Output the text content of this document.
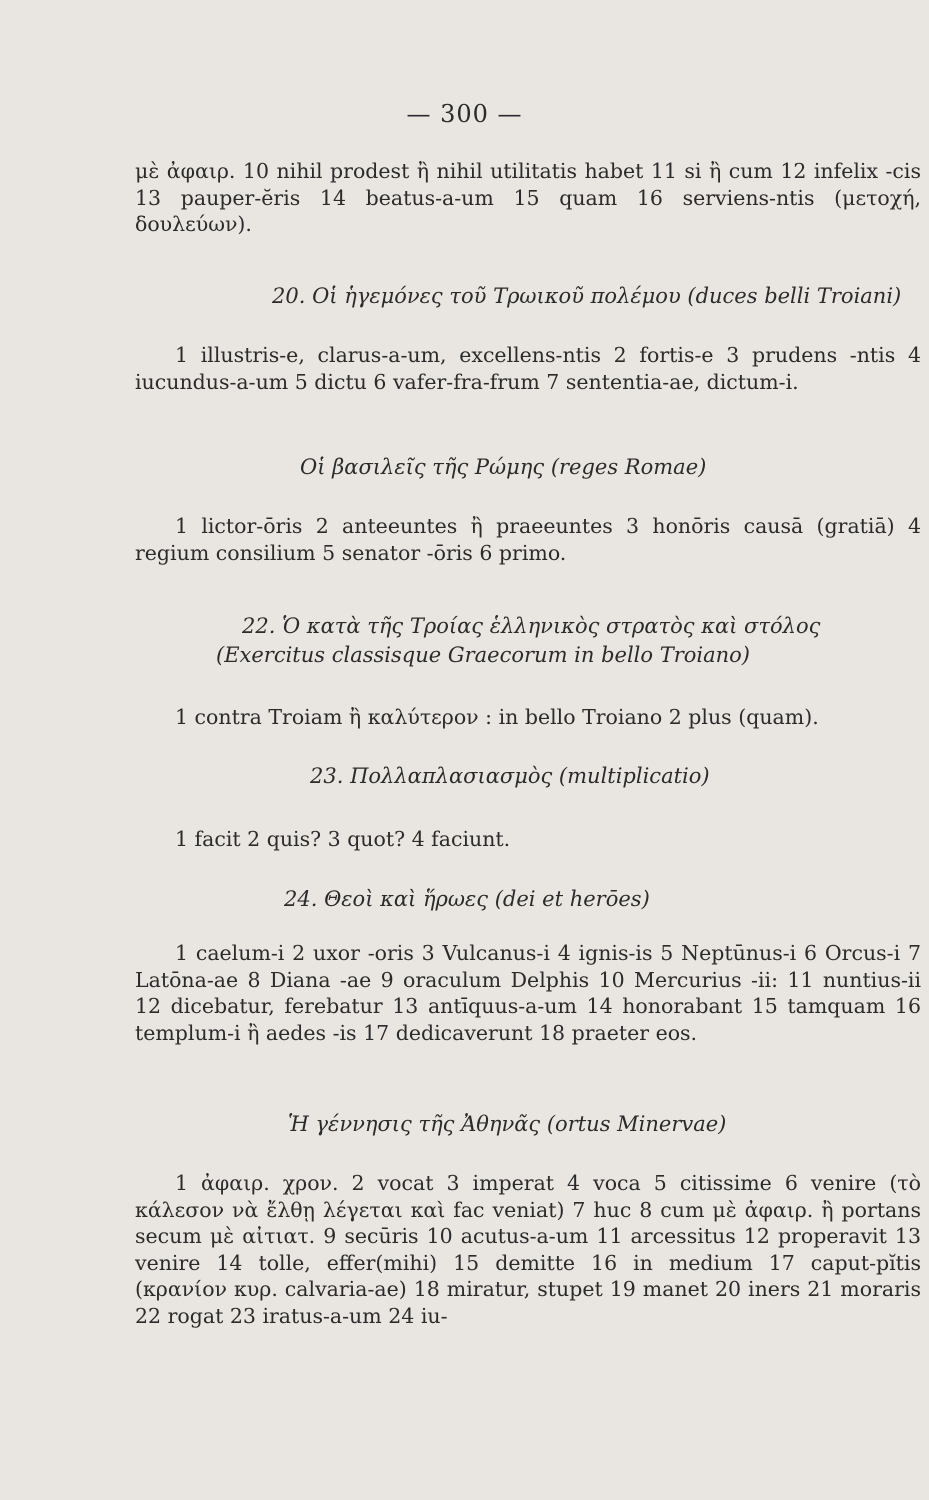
— 300 —

μὲ ἀφαιρ. 10 nihil prodest ἢ nihil utilitatis habet 11 si ἢ cum 12 infelix -cis 13 pauper-ĕris 14 beatus-a-um 15 quam 16 serviens-ntis (μετοχή, δουλεύων).

20. Οἱ ἡγεμόνες τοῦ Τρωικοῦ πολέμου (duces belli Troiani)

1 illustris-e, clarus-a-um, excellens-ntis 2 fortis-e 3 prudens -ntis 4 iucundus-a-um 5 dictu 6 vafer-fra-frum 7 sententia-ae, dictum-i.

Οἱ βασιλεῖς τῆς Ρώμης (reges Romae)

1 lictor-ōris 2 anteeuntes ἢ praeeuntes 3 honōris causā (gratiā) 4 regium consilium 5 senator -ōris 6 primo.

22. Ὁ κατὰ τῆς Τροίας ἑλληνικὸς στρατὸς καὶ στόλος
(Exercitus classisque Graecorum in bello Troiano)

1 contra Troiam ἢ καλύτερον : in bello Troiano 2 plus (quam).

23. Πολλαπλασιασμὸς (multiplicatio)

1 facit 2 quis? 3 quot? 4 faciunt.

24. Θεοὶ καὶ ἥρωες (dei et herōes)

1 caelum-i 2 uxor -oris 3 Vulcanus-i 4 ignis-is 5 Neptūnus-i 6 Orcus-i 7 Latōna-ae 8 Diana -ae 9 oraculum Delphis 10 Mercurius -ii: 11 nuntius-ii 12 dicebatur, ferebatur 13 antīquus-a-um 14 honorabant 15 tamquam 16 templum-i ἢ aedes -is 17 dedicaverunt 18 praeter eos.

Ἡ γέννησις τῆς Ἀθηνᾶς (ortus Minervae)

1 ἀφαιρ. χρον. 2 vocat 3 imperat 4 voca 5 citissime 6 venire (τὸ κάλεσον νὰ ἔλθῃ λέγεται καὶ fac veniat) 7 huc 8 cum μὲ ἀφαιρ. ἢ portans secum μὲ αἰτιατ. 9 secūris 10 acutus-a-um 11 arcessitus 12 properavit 13 venire 14 tolle, effer(mihi) 15 demitte 16 in medium 17 caput-pĭtis (κρανίον κυρ. calvaria-ae) 18 miratur, stupet 19 manet 20 iners 21 moraris 22 rogat 23 iratus-a-um 24 iu-
